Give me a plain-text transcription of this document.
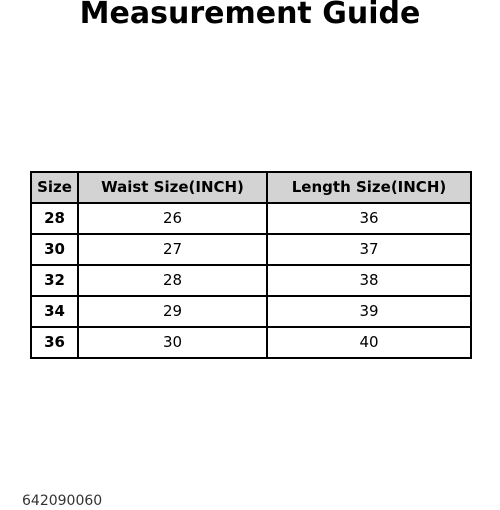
Measurement Guide
Size	Waist Size(INCH)	Length Size(INCH)
28	26	36
30	27	37
32	28	38
34	29	39
36	30	40
642090060
